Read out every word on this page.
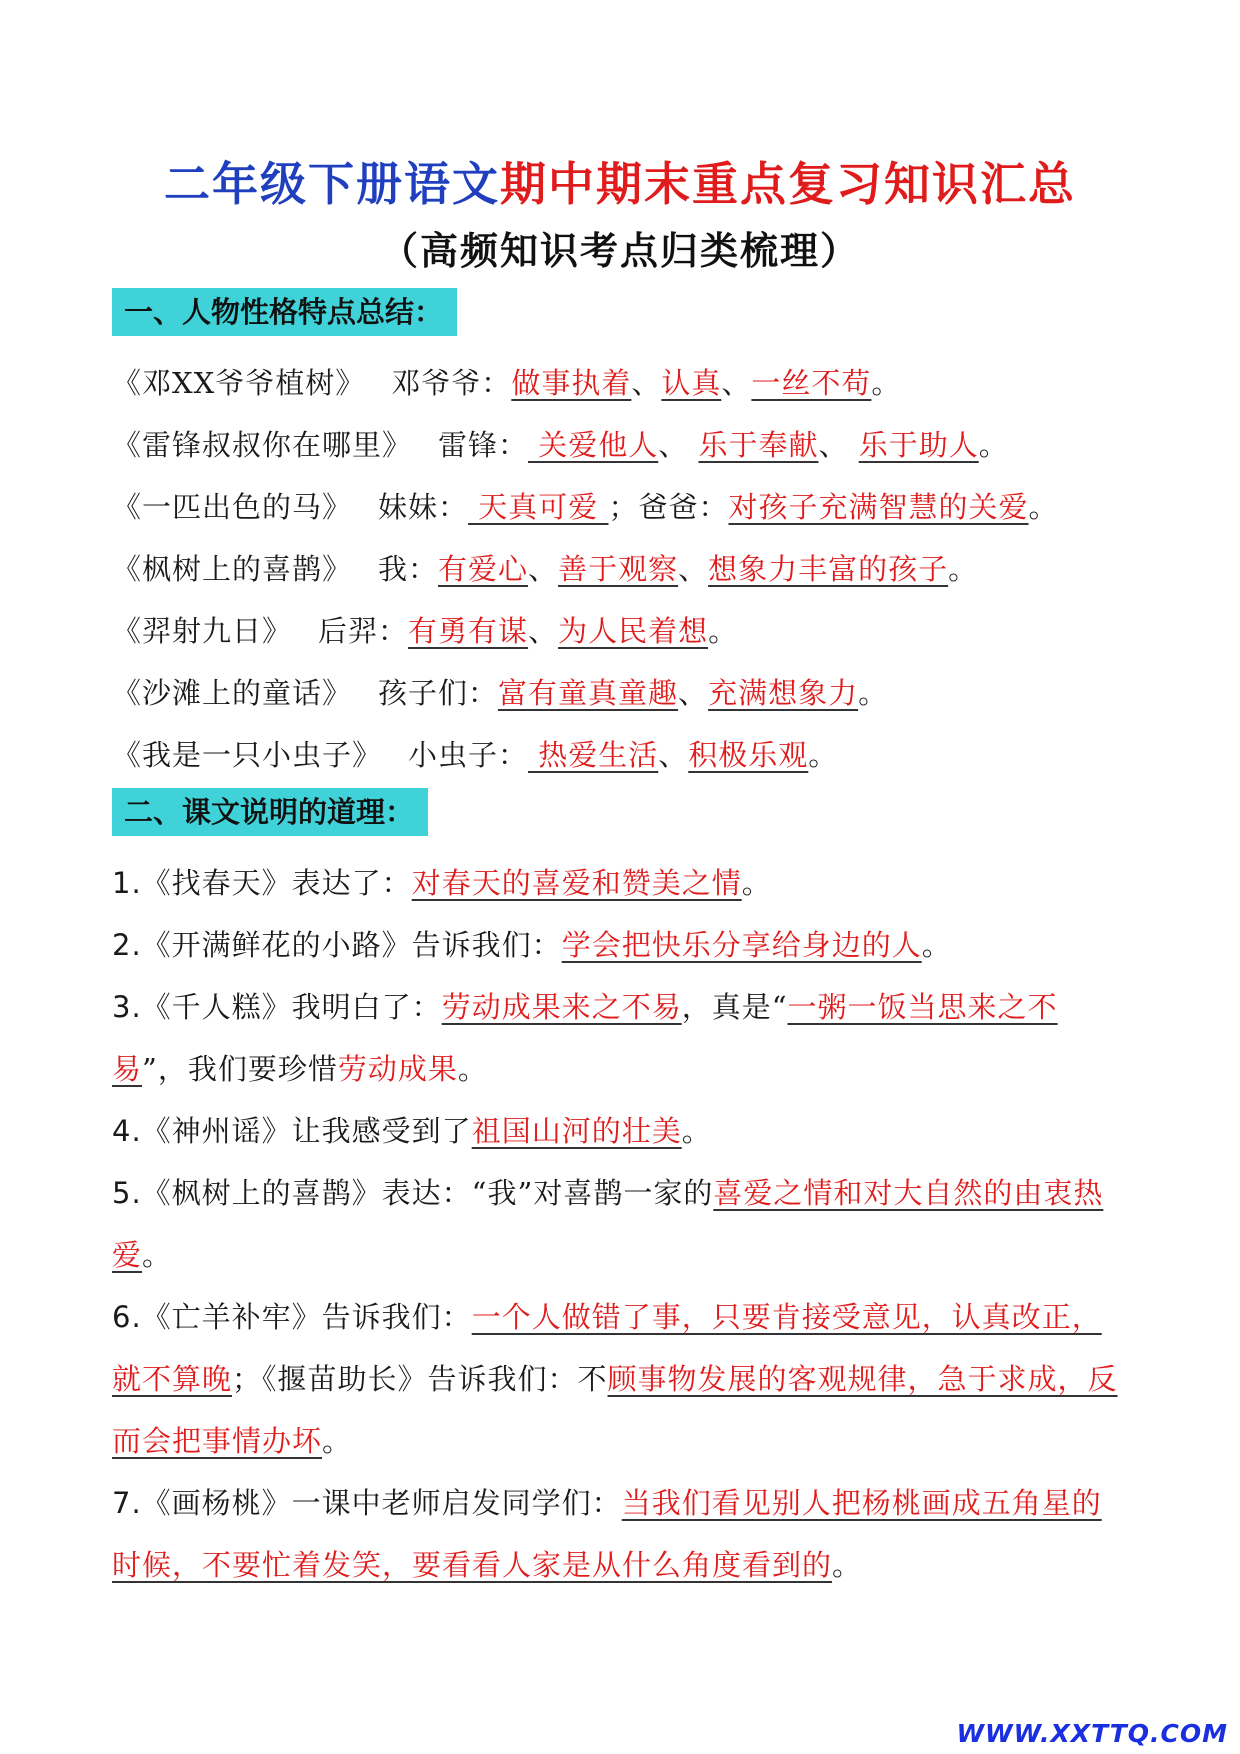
二年级下册语文期中期末重点复习知识汇总
（高频知识考点归类梳理）
一、人物性格特点总结：
《邓XX爷爷植树》 邓爷爷：做事执着、认真、一丝不苟。
《雷锋叔叔你在哪里》 雷锋： 关爱他人、 乐于奉献、 乐于助人。
《一匹出色的马》 妹妹： 天真可爱 ；爸爸：对孩子充满智慧的关爱。
《枫树上的喜鹊》 我：有爱心、善于观察、想象力丰富的孩子。
《羿射九日》 后羿：有勇有谋、为人民着想。
《沙滩上的童话》 孩子们：富有童真童趣、充满想象力。
《我是一只小虫子》 小虫子： 热爱生活、积极乐观。
二、课文说明的道理：
1.《找春天》表达了：对春天的喜爱和赞美之情。
2.《开满鲜花的小路》告诉我们：学会把快乐分享给身边的人。
3.《千人糕》我明白了：劳动成果来之不易，真是“一粥一饭当思来之不易”，我们要珍惜劳动成果。
4.《神州谣》让我感受到了祖国山河的壮美。
5.《枫树上的喜鹊》表达：“我”对喜鹊一家的喜爱之情和对大自然的由衷热爱。
6.《亡羊补牢》告诉我们：一个人做错了事，只要肯接受意见，认真改正，就不算晚；《揠苗助长》告诉我们：不顾事物发展的客观规律，急于求成，反而会把事情办坏。
7.《画杨桃》一课中老师启发同学们：当我们看见别人把杨桃画成五角星的时候，不要忙着发笑，要看看人家是从什么角度看到的。
WWW.XXTTQ.COM
